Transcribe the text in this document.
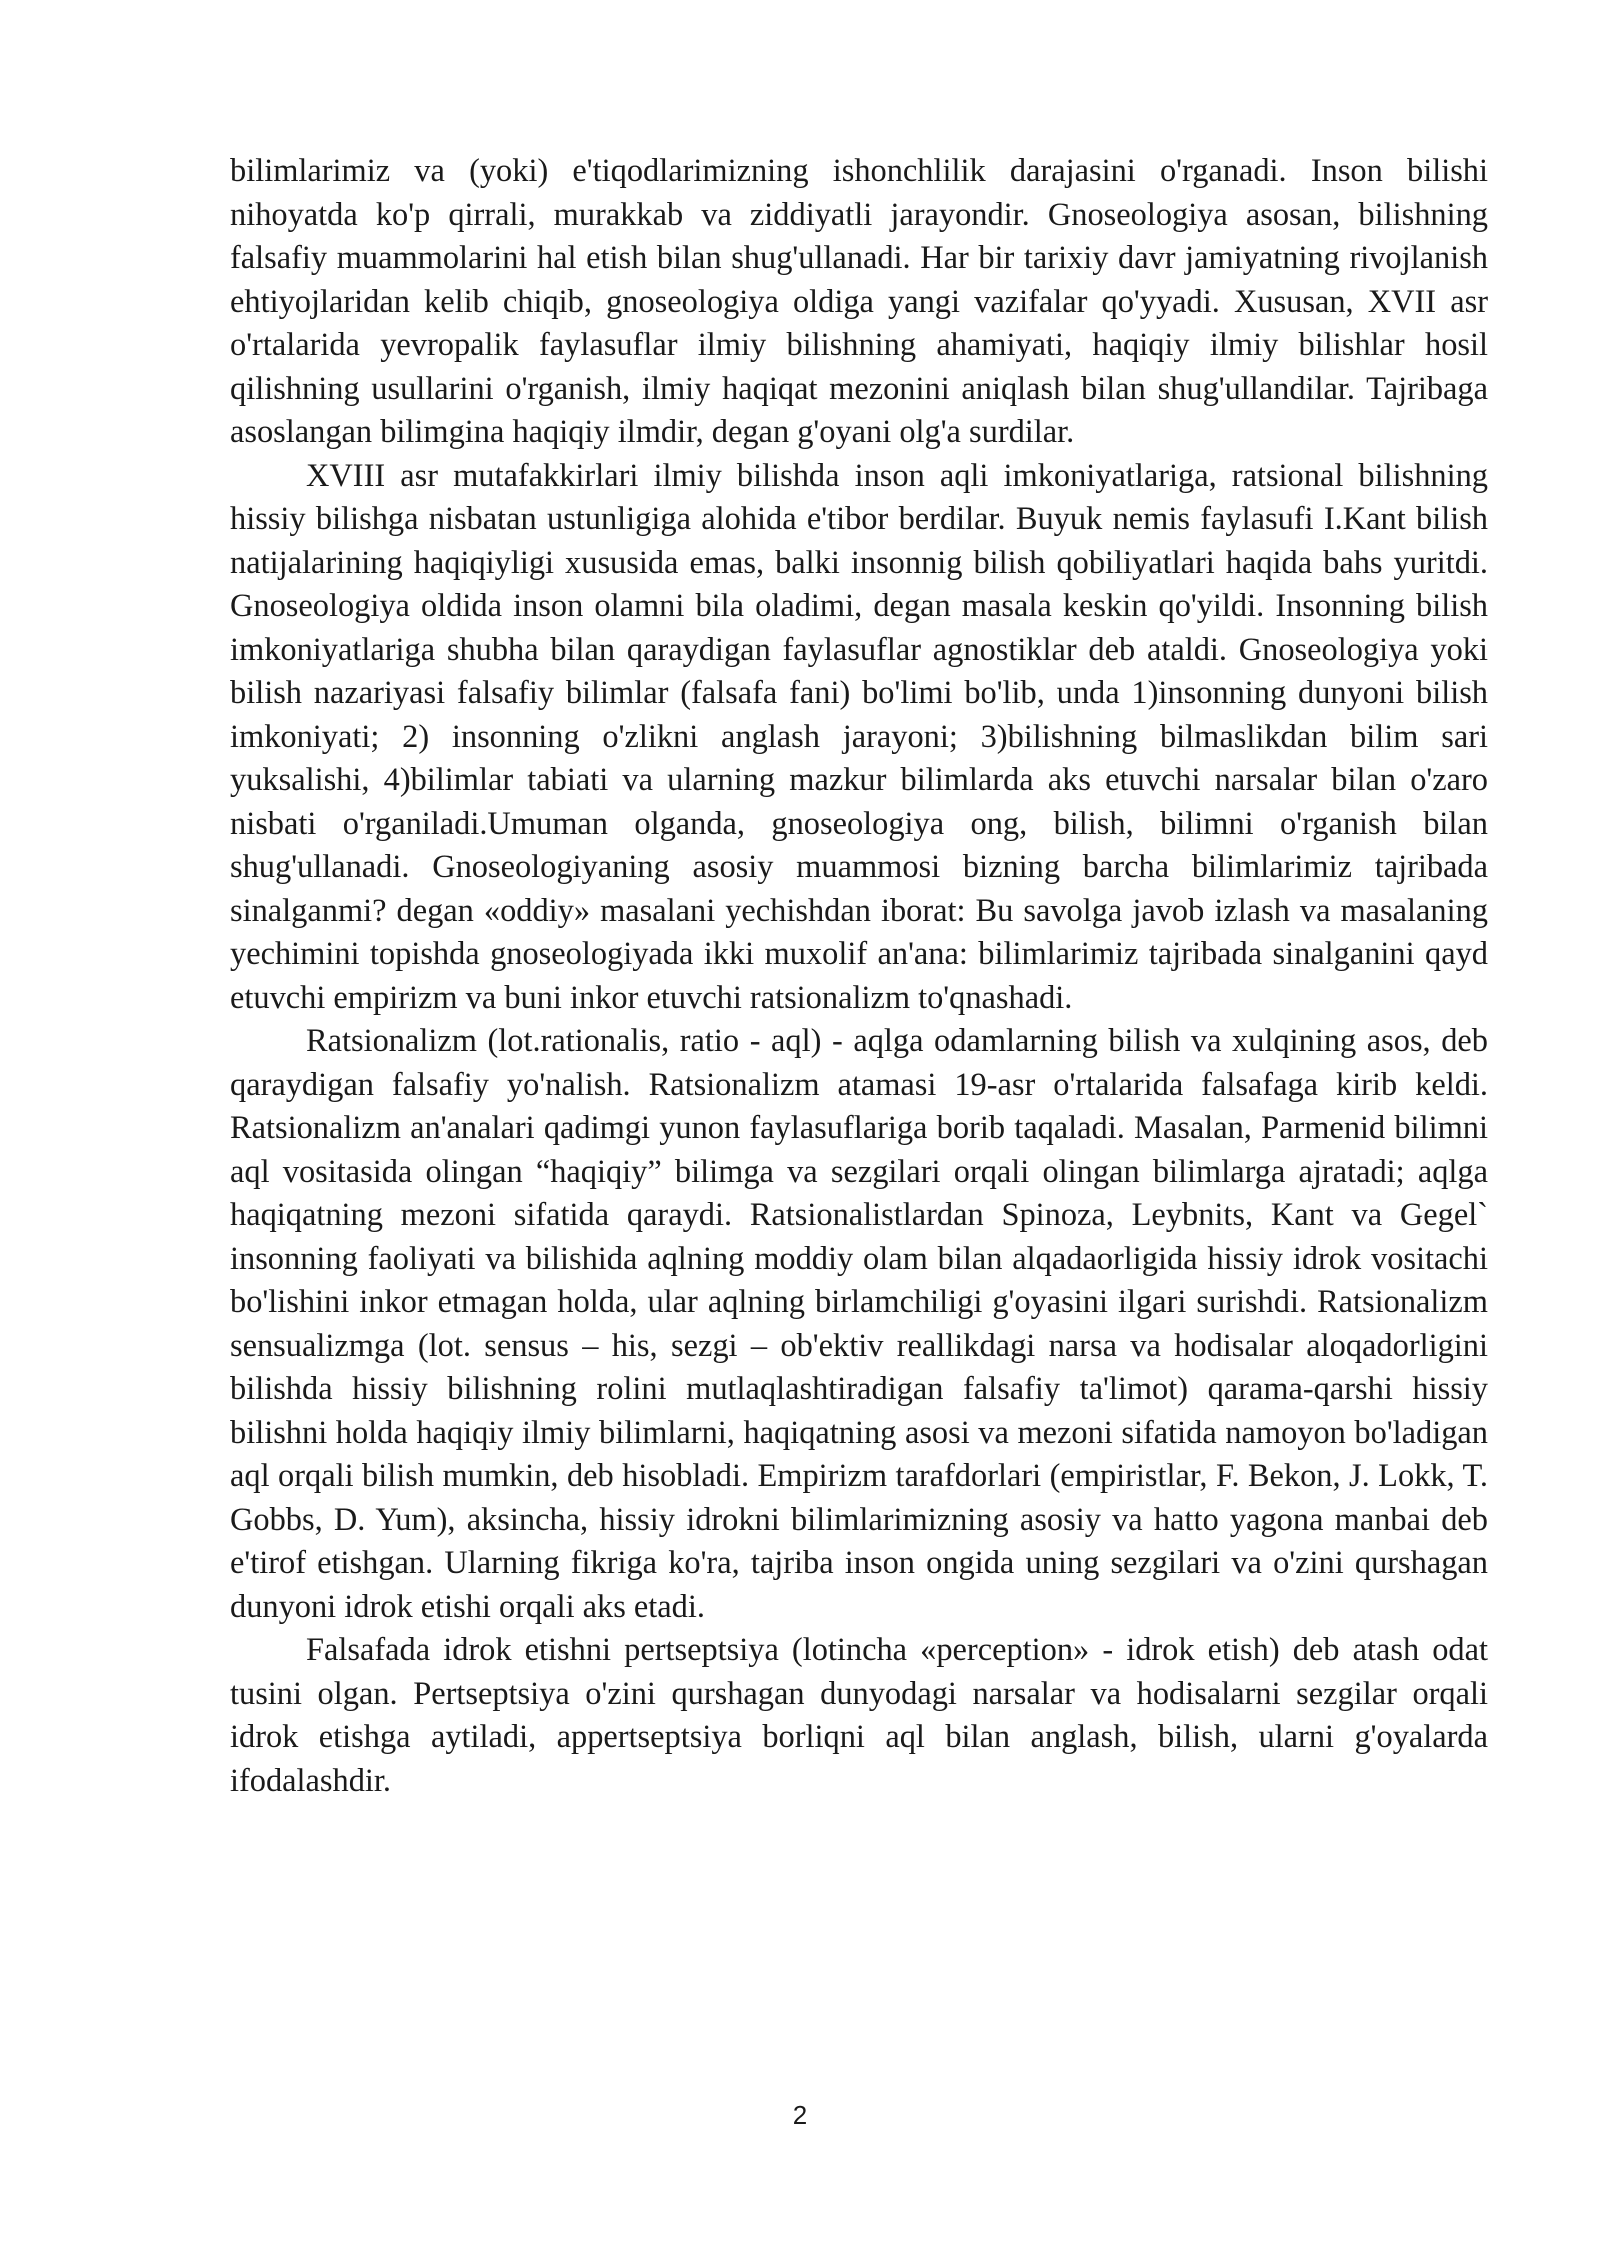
bilimlarimiz va (yoki) e'tiqodlarimizning ishonchlilik darajasini o'rganadi. Inson bilishi nihoyatda ko'p qirrali, murakkab va ziddiyatli jarayondir. Gnoseologiya asosan, bilishning falsafiy muammolarini hal etish bilan shug'ullanadi. Har bir tarixiy davr jamiyatning rivojlanish ehtiyojlaridan kelib chiqib, gnoseologiya oldiga yangi vazifalar qo'yyadi. Xususan, XVII asr o'rtalarida yevropalik faylasuflar ilmiy bilishning ahamiyati, haqiqiy ilmiy bilishlar hosil qilishning usullarini o'rganish, ilmiy haqiqat mezonini aniqlash bilan shug'ullandilar. Tajribaga asoslangan bilimgina haqiqiy ilmdir, degan g'oyani olg'a surdilar.

XVIII asr mutafakkirlari ilmiy bilishda inson aqli imkoniyatlariga, ratsional bilishning hissiy bilishga nisbatan ustunligiga alohida e'tibor berdilar. Buyuk nemis faylasufi I.Kant bilish natijalarining haqiqiyligi xususida emas, balki insonnig bilish qobiliyatlari haqida bahs yuritdi. Gnoseologiya oldida inson olamni bila oladimi, degan masala keskin qo'yildi. Insonning bilish imkoniyatlariga shubha bilan qaraydigan faylasuflar agnostiklar deb ataldi. Gnoseologiya yoki bilish nazariyasi falsafiy bilimlar (falsafa fani) bo'limi bo'lib, unda 1)insonning dunyoni bilish imkoniyati; 2) insonning o'zlikni anglash jarayoni; 3)bilishning bilmaslikdan bilim sari yuksalishi, 4)bilimlar tabiati va ularning mazkur bilimlarda aks etuvchi narsalar bilan o'zaro nisbati o'rganiladi.Umuman olganda, gnoseologiya ong, bilish, bilimni o'rganish bilan shug'ullanadi. Gnoseologiyaning asosiy muammosi bizning barcha bilimlarimiz tajribada sinalganmi? degan «oddiy» masalani yechishdan iborat: Bu savolga javob izlash va masalaning yechimini topishda gnoseologiyada ikki muxolif an'ana: bilimlarimiz tajribada sinalganini qayd etuvchi empirizm va buni inkor etuvchi ratsionalizm to'qnashadi.

Ratsionalizm (lot.rationalis, ratio - aql) - aqlga odamlarning bilish va xulqining asos, deb qaraydigan falsafiy yo'nalish. Ratsionalizm atamasi 19-asr o'rtalarida falsafaga kirib keldi. Ratsionalizm an'analari qadimgi yunon faylasuflariga borib taqaladi. Masalan, Parmenid bilimni aql vositasida olingan “haqiqiy” bilimga va sezgilari orqali olingan bilimlarga ajratadi; aqlga haqiqatning mezoni sifatida qaraydi. Ratsionalistlardan Spinoza, Leybnits, Kant va Gegel` insonning faoliyati va bilishida aqlning moddiy olam bilan alqadaorligida hissiy idrok vositachi bo'lishini inkor etmagan holda, ular aqlning birlamchiligi g'oyasini ilgari surishdi. Ratsionalizm sensualizmga (lot. sensus – his, sezgi – ob'ektiv reallikdagi narsa va hodisalar aloqadorligini bilishda hissiy bilishning rolini mutlaqlashtiradigan falsafiy ta'limot) qarama-qarshi hissiy bilishni holda haqiqiy ilmiy bilimlarni, haqiqatning asosi va mezoni sifatida namoyon bo'ladigan aql orqali bilish mumkin, deb hisobladi. Empirizm tarafdorlari (empiristlar, F. Bekon, J. Lokk, T. Gobbs, D. Yum), aksincha, hissiy idrokni bilimlarimizning asosiy va hatto yagona manbai deb e'tirof etishgan. Ularning fikriga ko'ra, tajriba inson ongida uning sezgilari va o'zini qurshagan dunyoni idrok etishi orqali aks etadi.

Falsafada idrok etishni pertseptsiya (lotincha «perception» - idrok etish) deb atash odat tusini olgan. Pertseptsiya o'zini qurshagan dunyodagi narsalar va hodisalarni sezgilar orqali idrok etishga aytiladi, appertseptsiya borliqni aql bilan anglash, bilish, ularni g'oyalarda ifodalashdir.

2
